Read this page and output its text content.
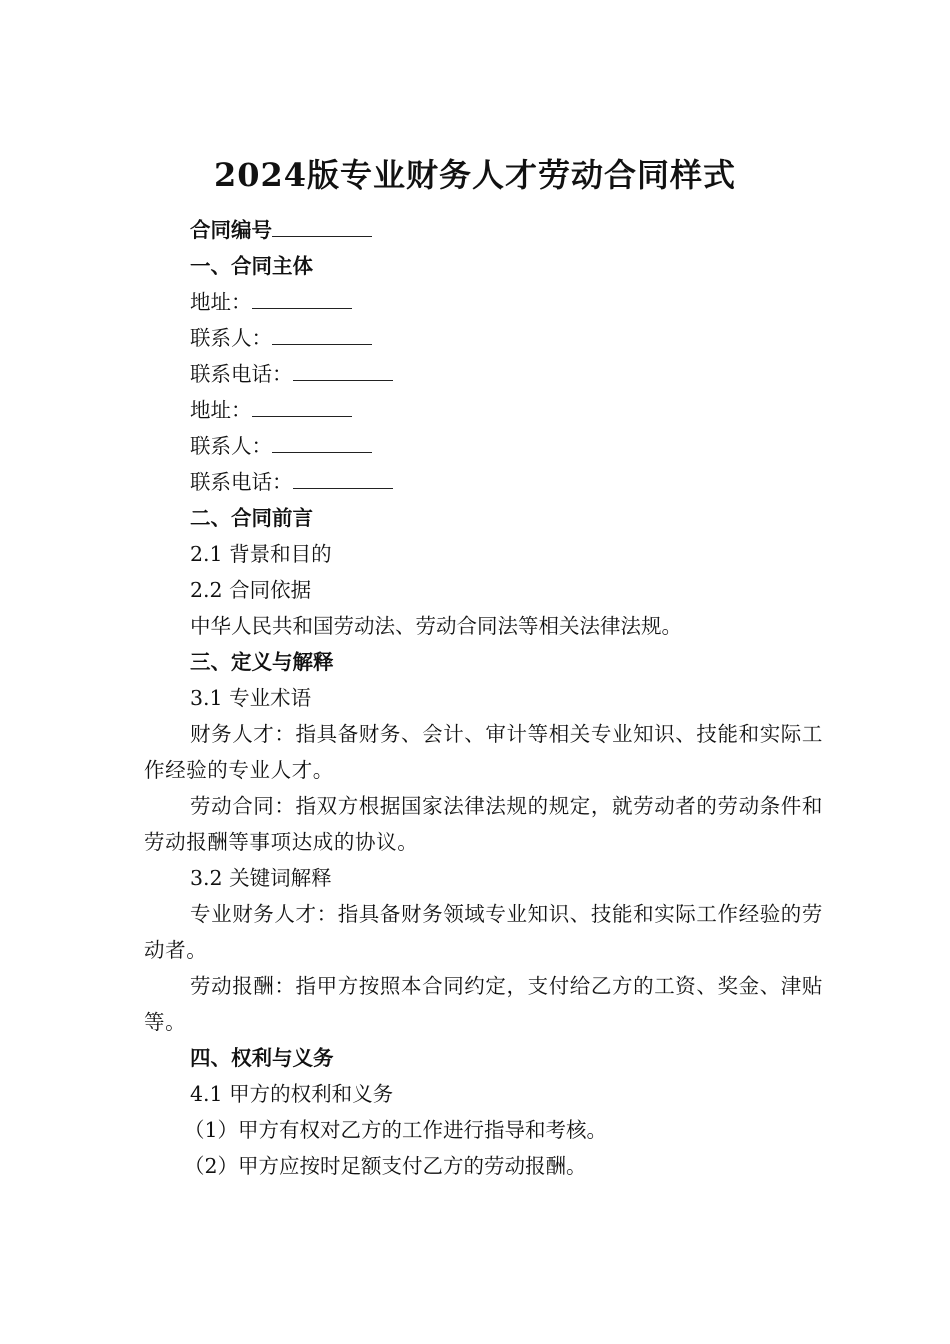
2024版专业财务人才劳动合同样式
合同编号
一、合同主体
地址：
联系人：
联系电话：
地址：
联系人：
联系电话：
二、合同前言
2.1 背景和目的
2.2 合同依据
中华人民共和国劳动法、劳动合同法等相关法律法规。
三、定义与解释
3.1 专业术语
财务人才：指具备财务、会计、审计等相关专业知识、技能和实际工作经验的专业人才。
劳动合同：指双方根据国家法律法规的规定，就劳动者的劳动条件和劳动报酬等事项达成的协议。
3.2 关键词解释
专业财务人才：指具备财务领域专业知识、技能和实际工作经验的劳动者。
劳动报酬：指甲方按照本合同约定，支付给乙方的工资、奖金、津贴等。
四、权利与义务
4.1 甲方的权利和义务
（1）甲方有权对乙方的工作进行指导和考核。
（2）甲方应按时足额支付乙方的劳动报酬。
